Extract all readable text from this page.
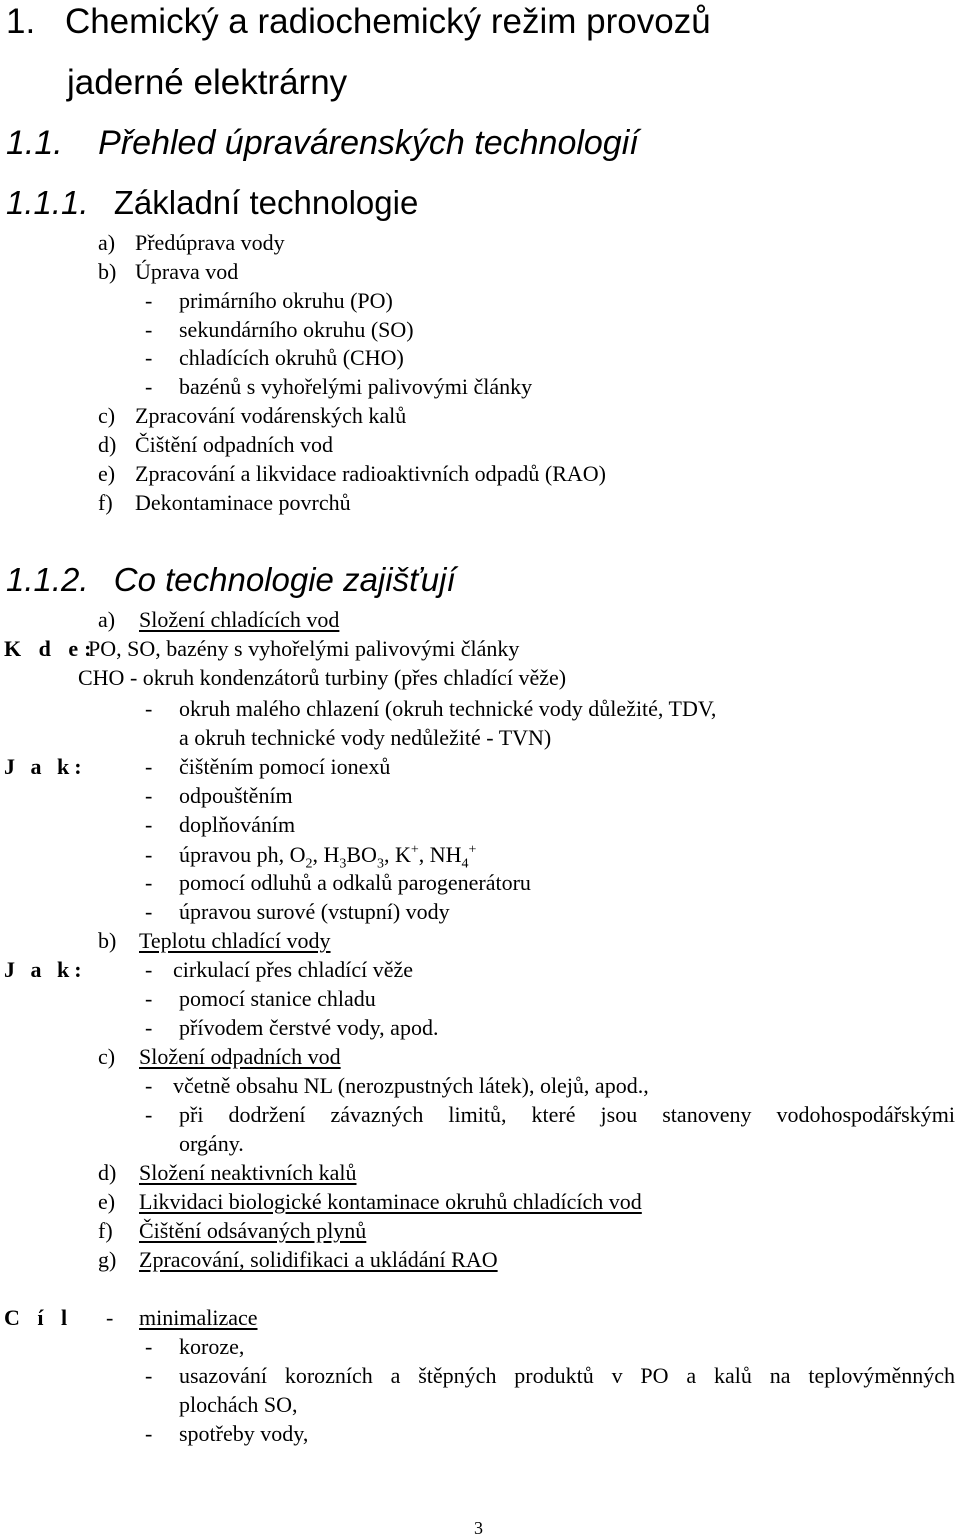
1. Chemický a radiochemický režim provozů
jaderné elektrárny
1.1. Přehled úpravárenských technologií
1.1.1. Základní technologie
a) Předúprava vody
b) Úprava vod
- primárního okruhu (PO)
- sekundárního okruhu (SO)
- chladících okruhů (CHO)
- bazénů s vyhořelými palivovými články
c) Zpracování vodárenských kalů
d) Čištění odpadních vod
e) Zpracování a likvidace radioaktivních odpadů (RAO)
f) Dekontaminace povrchů
1.1.2. Co technologie zajišťují
a) Složení chladících vod
K d e:
PO, SO, bazény s vyhořelými palivovými články
CHO - okruh kondenzátorů turbiny (přes chladící věže)
- okruh malého chlazení (okruh technické vody důležité, TDV,
a okruh technické vody nedůležité - TVN)
J a k:	- čištěním pomocí ionexů
- odpouštěním
- doplňováním
- úpravou ph, $O_2$, $H_3BO_3$, K+, $NH_4^+$
- pomocí odluhů a odkalů parogenerátoru
- úpravou surové (vstupní) vody
b) Teplotu chladící vody
J a k:	- cirkulací přes chladící věže
- pomocí stanice chladu
- přívodem čerstvé vody, apod.
c) Složení odpadních vod
- včetně obsahu NL (nerozpustných látek), olejů, apod.,
-	při dodržení závazných limitů, které jsou stanoveny vodohospodářskými
orgány.
d) Složení neaktivních kalů
e) Likvidaci biologické kontaminace okruhů chladících vod
f) Čištění odsávaných plynů
g) Zpracování, solidifikaci a ukládání RAO
C í l - minimalizace
- koroze,
-	usazování korozních a štěpných produktů v PO a kalů na teplovýměnných
plochách SO,
- spotřeby vody,
3
